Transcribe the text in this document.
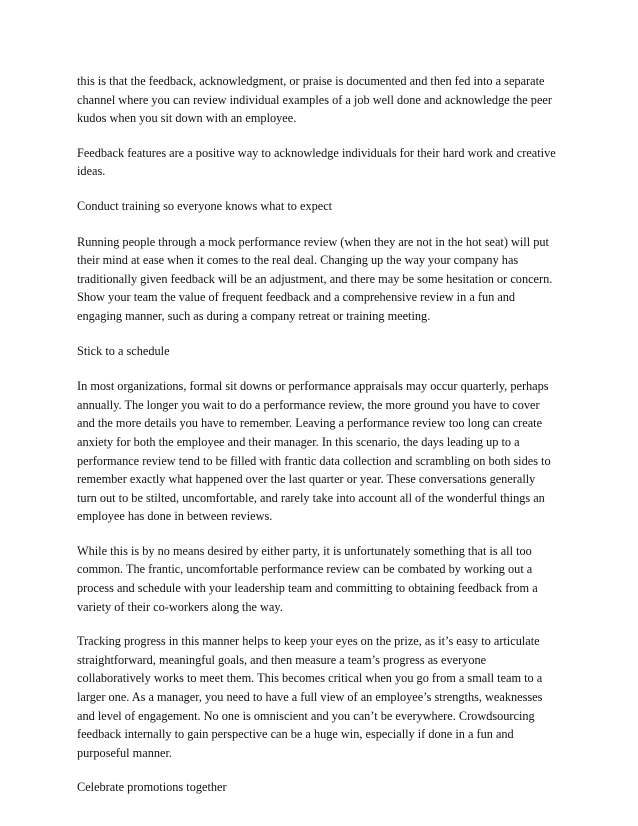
this is that the feedback, acknowledgment, or praise is documented and then fed into a separate
channel where you can review individual examples of a job well done and acknowledge the peer
kudos when you sit down with an employee.
Feedback features are a positive way to acknowledge individuals for their hard work and creative
ideas.
Conduct training so everyone knows what to expect
Running people through a mock performance review (when they are not in the hot seat) will put
their mind at ease when it comes to the real deal. Changing up the way your company has
traditionally given feedback will be an adjustment, and there may be some hesitation or concern.
Show your team the value of frequent feedback and a comprehensive review in a fun and
engaging manner, such as during a company retreat or training meeting.
Stick to a schedule
In most organizations, formal sit downs or performance appraisals may occur quarterly, perhaps
annually. The longer you wait to do a performance review, the more ground you have to cover
and the more details you have to remember. Leaving a performance review too long can create
anxiety for both the employee and their manager. In this scenario, the days leading up to a
performance review tend to be filled with frantic data collection and scrambling on both sides to
remember exactly what happened over the last quarter or year. These conversations generally
turn out to be stilted, uncomfortable, and rarely take into account all of the wonderful things an
employee has done in between reviews.
While this is by no means desired by either party, it is unfortunately something that is all too
common. The frantic, uncomfortable performance review can be combated by working out a
process and schedule with your leadership team and committing to obtaining feedback from a
variety of their co-workers along the way.
Tracking progress in this manner helps to keep your eyes on the prize, as it’s easy to articulate
straightforward, meaningful goals, and then measure a team’s progress as everyone
collaboratively works to meet them. This becomes critical when you go from a small team to a
larger one. As a manager, you need to have a full view of an employee’s strengths, weaknesses
and level of engagement. No one is omniscient and you can’t be everywhere. Crowdsourcing
feedback internally to gain perspective can be a huge win, especially if done in a fun and
purposeful manner.
Celebrate promotions together
